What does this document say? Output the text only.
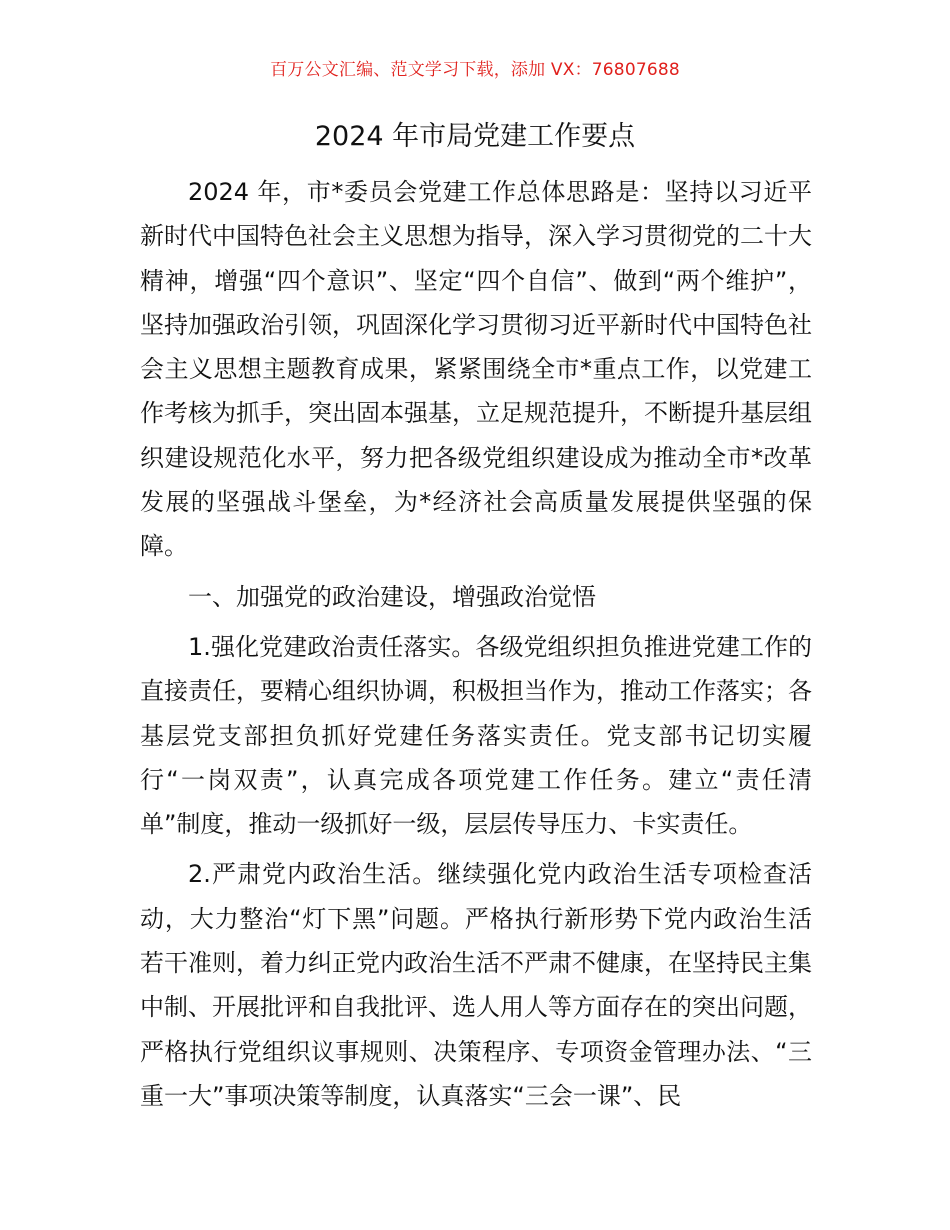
百万公文汇编、范文学习下载，添加 VX：76807688
2024 年市局党建工作要点

2024 年，市*委员会党建工作总体思路是：坚持以习近平新时代中国特色社会主义思想为指导，深入学习贯彻党的二十大精神，增强“四个意识”、坚定“四个自信”、做到“两个维护”，坚持加强政治引领，巩固深化学习贯彻习近平新时代中国特色社会主义思想主题教育成果，紧紧围绕全市*重点工作，以党建工作考核为抓手，突出固本强基，立足规范提升，不断提升基层组织建设规范化水平，努力把各级党组织建设成为推动全市*改革发展的坚强战斗堡垒，为*经济社会高质量发展提供坚强的保障。

一、加强党的政治建设，增强政治觉悟

1.强化党建政治责任落实。各级党组织担负推进党建工作的直接责任，要精心组织协调，积极担当作为，推动工作落实；各基层党支部担负抓好党建任务落实责任。党支部书记切实履行“一岗双责”，认真完成各项党建工作任务。建立“责任清单”制度，推动一级抓好一级，层层传导压力、卡实责任。

2.严肃党内政治生活。继续强化党内政治生活专项检查活动，大力整治“灯下黑”问题。严格执行新形势下党内政治生活若干准则，着力纠正党内政治生活不严肃不健康，在坚持民主集中制、开展批评和自我批评、选人用人等方面存在的突出问题，严格执行党组织议事规则、决策程序、专项资金管理办法、“三重一大”事项决策等制度，认真落实“三会一课”、民
